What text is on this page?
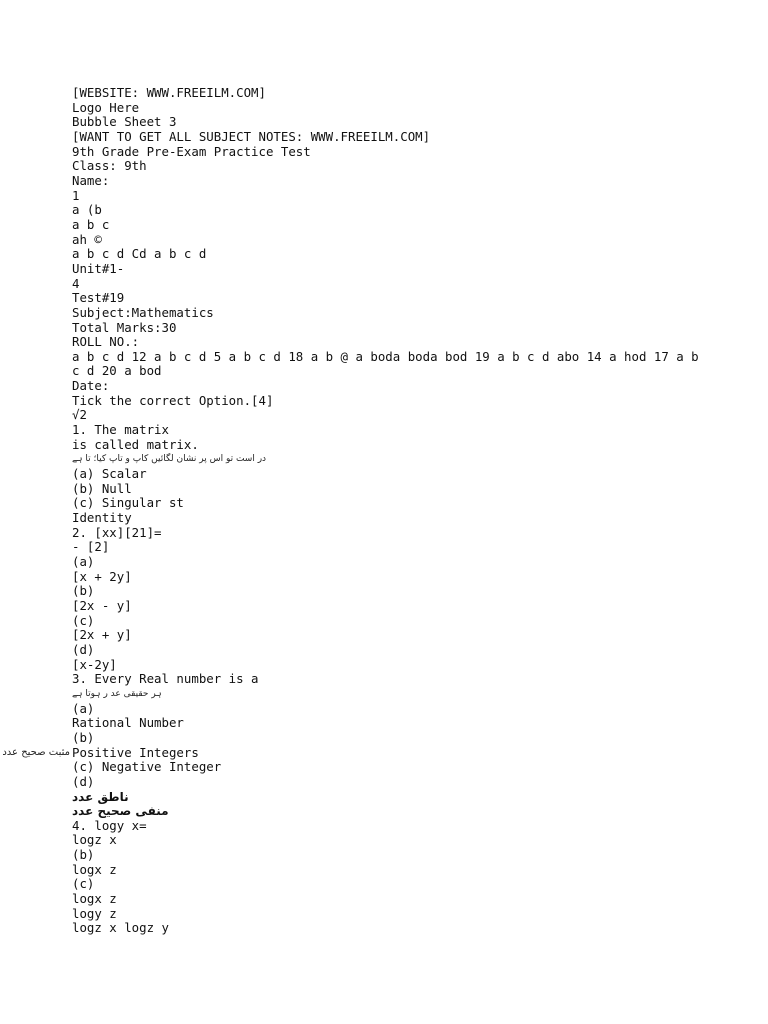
[WEBSITE: WWW.FREEILM.COM]
Logo Here
Bubble Sheet 3
[WANT TO GET ALL SUBJECT NOTES: WWW.FREEILM.COM]
9th Grade Pre-Exam Practice Test
Class: 9th
Name:
1
a (b
a b c
ah ©
a b c d Cd a b c d
Unit#1-
4
Test#19
Subject:Mathematics
Total Marks:30
ROLL NO.:
a b c d 12 a b c d 5 a b c d 18 a b @ a boda boda bod 19 a b c d abo 14 a hod 17 a b c d 20 a bod
Date:
Tick the correct Option.[4]
√2
1. The matrix
is called matrix.
در است تو اس پر نشان لگائیں کاپ و تاپ کیا؛ تا ہے
(a) Scalar
(b) Null
(c) Singular st
Identity
2. [xx][21]=
- [2]
(a)
[x + 2y]
(b)
[2x - y]
(c)
[2x + y]
(d)
[x-2y]
3. Every Real number is a
ہر حقیقی عد ر ہوتا ہے
(a)
Rational Number
(b)
مثبت صحیح عدد Positive Integers
(c) Negative Integer
(d)
ناطق عدد
منفی صحیح عدد
4. logy x=
logz x
(b)
logx z
(c)
logx z
logy z
logz x logz y
